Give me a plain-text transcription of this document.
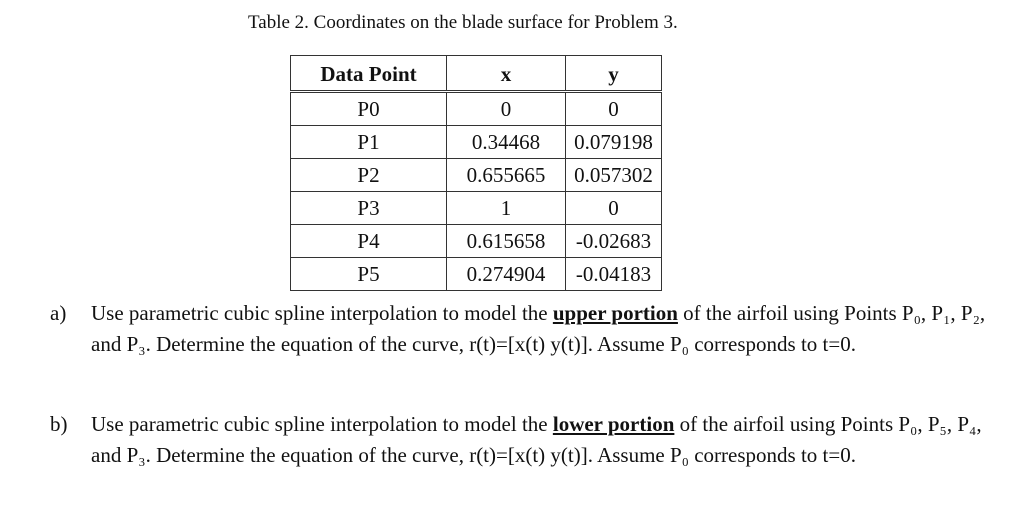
Table 2. Coordinates on the blade surface for Problem 3.
Data Point	x	y
P0	0	0
P1	0.34468	0.079198
P2	0.655665	0.057302
P3	1	0
P4	0.615658	-0.02683
P5	0.274904	-0.04183
a) Use parametric cubic spline interpolation to model the upper portion of the airfoil using Points P₀, P₁, P₂, and P₃. Determine the equation of the curve, r(t)=[x(t) y(t)]. Assume P₀ corresponds to t=0.
b) Use parametric cubic spline interpolation to model the lower portion of the airfoil using Points P₀, P₅, P₄, and P₃. Determine the equation of the curve, r(t)=[x(t) y(t)]. Assume P₀ corresponds to t=0.
